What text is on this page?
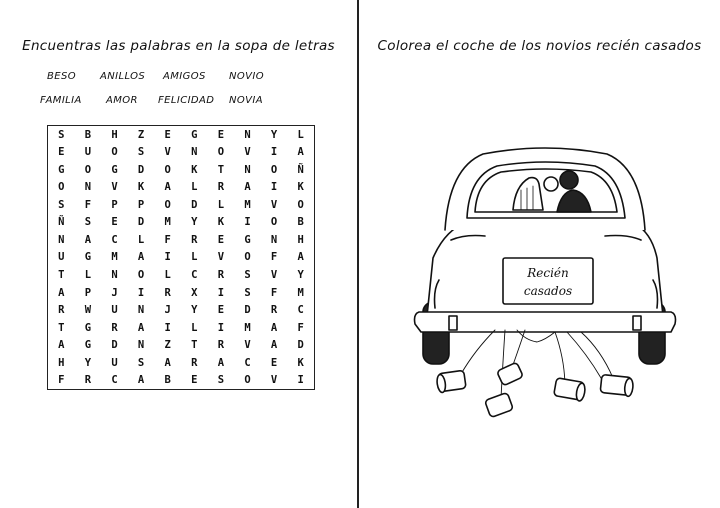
Encuentras las palabras en la sopa de letras
BESO ANILLOS AMIGOS NOVIO
FAMILIA AMOR FELICIDAD NOVIA
S	B	H	Z	E	G	E	N	Y	L
E	U	O	S	V	N	O	V	I	A
G	O	G	D	O	K	T	N	O	Ñ
O	N	V	K	A	L	R	A	I	K
S	F	P	P	O	D	L	M	V	O
Ñ	S	E	D	M	Y	K	I	O	B
N	A	C	L	F	R	E	G	N	H
U	G	M	A	I	L	V	O	F	A
T	L	N	O	L	C	R	S	V	Y
A	P	J	I	R	X	I	S	F	M
R	W	U	N	J	Y	E	D	R	C
T	G	R	A	I	L	I	M	A	F
A	G	D	N	Z	T	R	V	A	D
H	Y	U	S	A	R	A	C	E	K
F	R	C	A	B	E	S	O	V	I
Colorea el coche de los novios recién casados
Recién
casados
